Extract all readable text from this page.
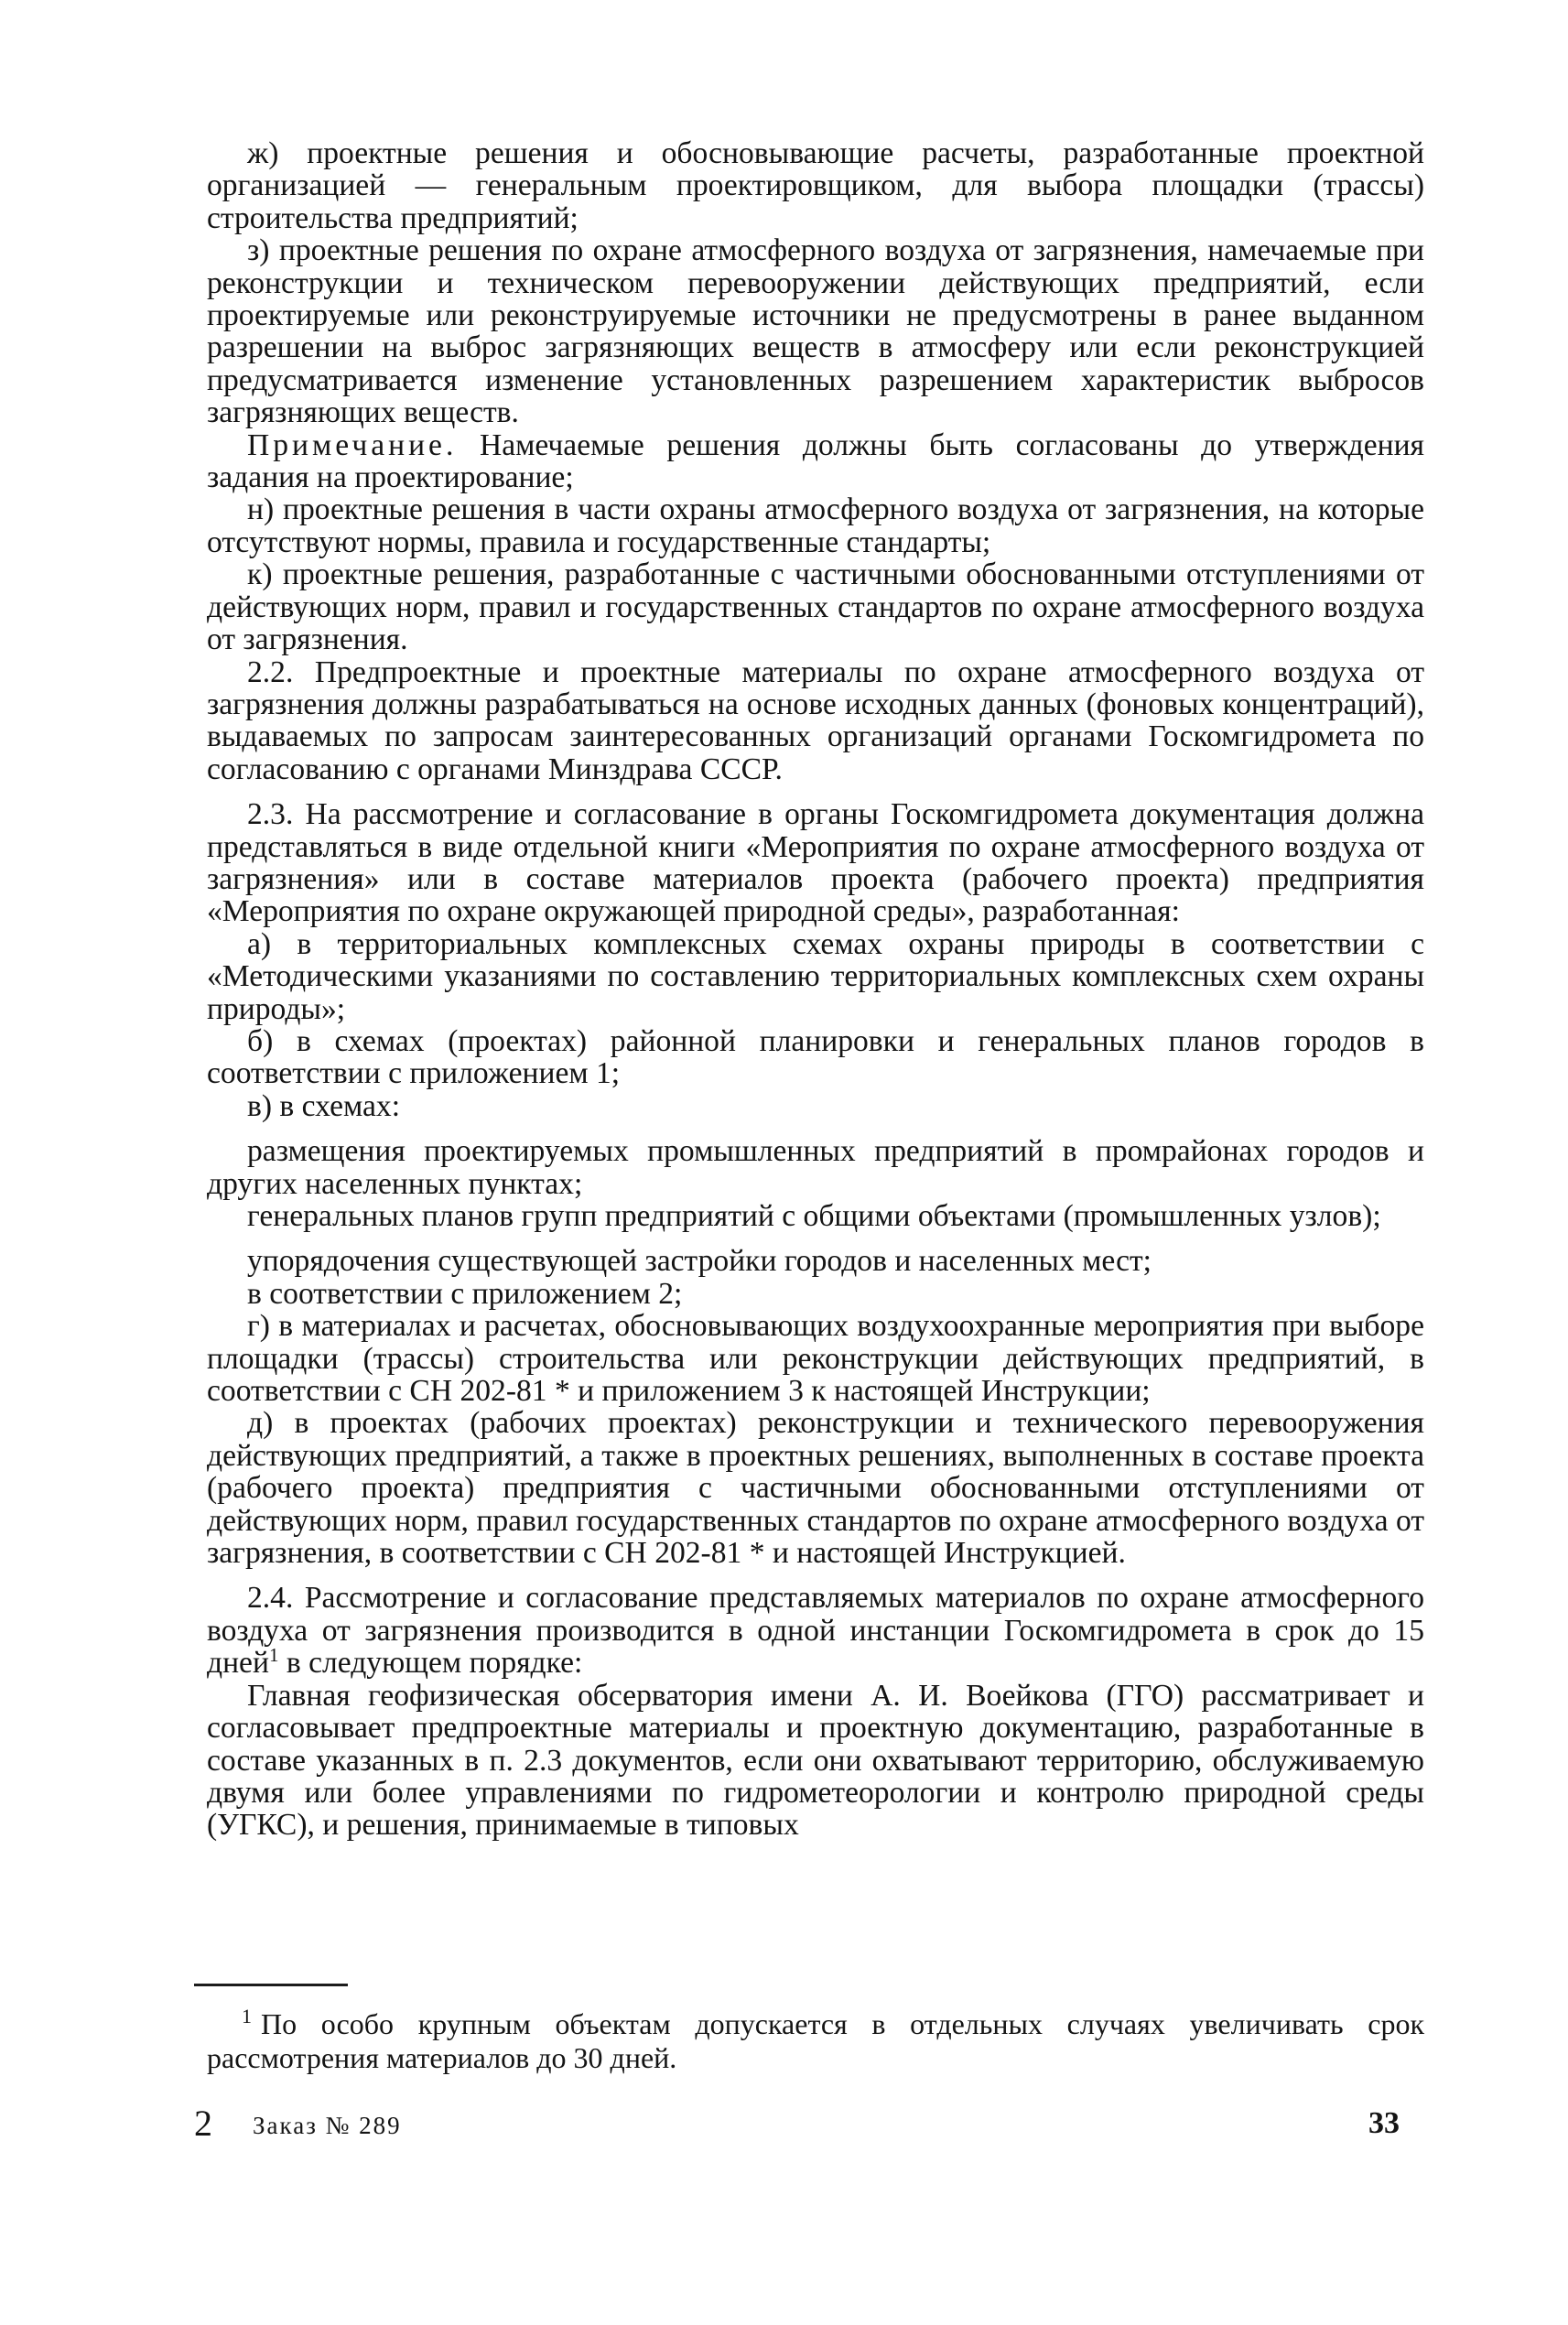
ж) проектные решения и обосновывающие расчеты, разработанные проектной организацией — генеральным проектировщиком, для выбора площадки (трассы) строительства предприятий;

з) проектные решения по охране атмосферного воздуха от загрязнения, намечаемые при реконструкции и техническом перевооружении действующих предприятий, если проектируемые или реконструируемые источники не предусмотрены в ранее выданном разрешении на выброс загрязняющих веществ в атмосферу или если реконструкцией предусматривается изменение установленных разрешением характеристик выбросов загрязняющих веществ.

Примечание. Намечаемые решения должны быть согласованы до утверждения задания на проектирование;

н) проектные решения в части охраны атмосферного воздуха от загрязнения, на которые отсутствуют нормы, правила и государственные стандарты;

к) проектные решения, разработанные с частичными обоснованными отступлениями от действующих норм, правил и государственных стандартов по охране атмосферного воздуха от загрязнения.

2.2. Предпроектные и проектные материалы по охране атмосферного воздуха от загрязнения должны разрабатываться на основе исходных данных (фоновых концентраций), выдаваемых по запросам заинтересованных организаций органами Госкомгидромета по согласованию с органами Минздрава СССР.

2.3. На рассмотрение и согласование в органы Госкомгидромета документация должна представляться в виде отдельной книги «Мероприятия по охране атмосферного воздуха от загрязнения» или в составе материалов проекта (рабочего проекта) предприятия «Мероприятия по охране окружающей природной среды», разработанная:

а) в территориальных комплексных схемах охраны природы в соответствии с «Методическими указаниями по составлению территориальных комплексных схем охраны природы»;

б) в схемах (проектах) районной планировки и генеральных планов городов в соответствии с приложением 1;

в) в схемах:

размещения проектируемых промышленных предприятий в промрайонах городов и других населенных пунктах;

генеральных планов групп предприятий с общими объектами (промышленных узлов);

упорядочения существующей застройки городов и населенных мест;

в соответствии с приложением 2;

г) в материалах и расчетах, обосновывающих воздухоохранные мероприятия при выборе площадки (трассы) строительства или реконструкции действующих предприятий, в соответствии с СН 202-81 * и приложением 3 к настоящей Инструкции;

д) в проектах (рабочих проектах) реконструкции и технического перевооружения действующих предприятий, а также в проектных решениях, выполненных в составе проекта (рабочего проекта) предприятия с частичными обоснованными отступлениями от действующих норм, правил государственных стандартов по охране атмосферного воздуха от загрязнения, в соответствии с СН 202-81 * и настоящей Инструкцией.

2.4. Рассмотрение и согласование представляемых материалов по охране атмосферного воздуха от загрязнения производится в одной инстанции Госкомгидромета в срок до 15 дней$^1$ в следующем порядке:

Главная геофизическая обсерватория имени А. И. Воейкова (ГГО) рассматривает и согласовывает предпроектные материалы и проектную документацию, разработанные в составе указанных в п. 2.3 документов, если они охватывают территорию, обслуживаемую двумя или более управлениями по гидрометеорологии и контролю природной среды (УГКС), и решения, принимаемые в типовых

$^1$ По особо крупным объектам допускается в отдельных случаях увеличивать срок рассмотрения материалов до 30 дней.

2 Заказ № 289	33
